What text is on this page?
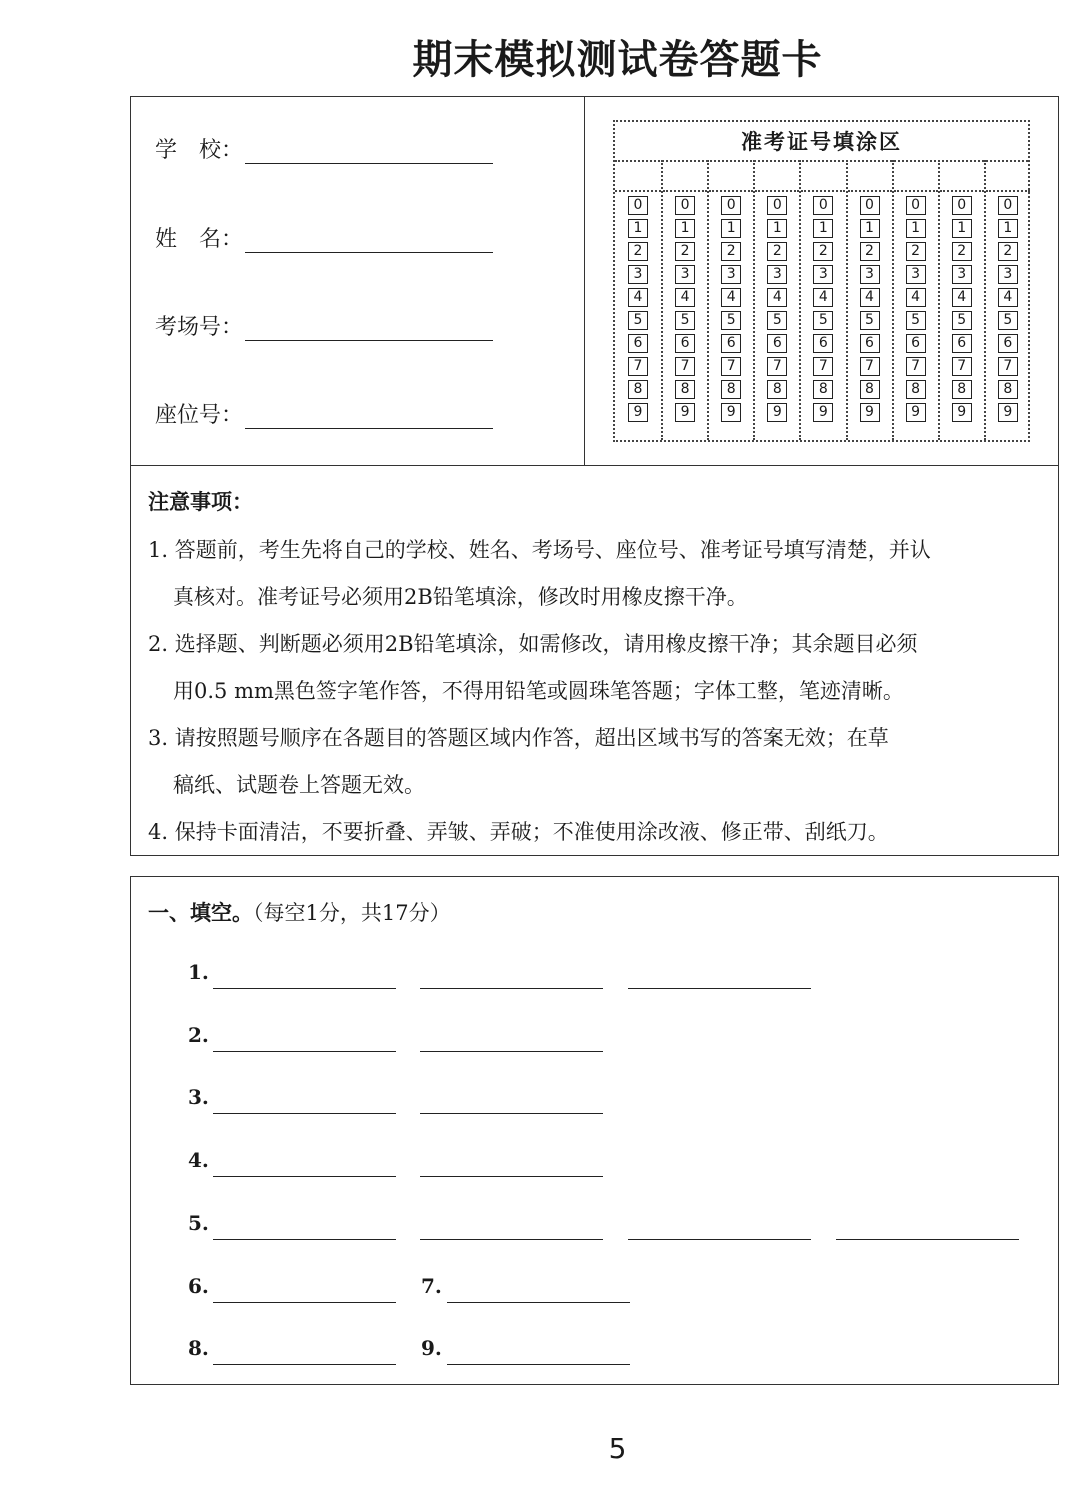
期末模拟测试卷答题卡
学　校：
姓　名：
考场号：
座位号：
准考证号填涂区
0
1
2
3
4
5
6
7
8
9
0
1
2
3
4
5
6
7
8
9
0
1
2
3
4
5
6
7
8
9
0
1
2
3
4
5
6
7
8
9
0
1
2
3
4
5
6
7
8
9
0
1
2
3
4
5
6
7
8
9
0
1
2
3
4
5
6
7
8
9
0
1
2
3
4
5
6
7
8
9
0
1
2
3
4
5
6
7
8
9
注意事项：
1. 答题前，考生先将自己的学校、姓名、考场号、座位号、准考证号填写清楚，并认
真核对。准考证号必须用2B铅笔填涂，修改时用橡皮擦干净。
2. 选择题、判断题必须用2B铅笔填涂，如需修改，请用橡皮擦干净；其余题目必须
用0.5 mm黑色签字笔作答，不得用铅笔或圆珠笔答题；字体工整，笔迹清晰。
3. 请按照题号顺序在各题目的答题区域内作答，超出区域书写的答案无效；在草
稿纸、试题卷上答题无效。
4. 保持卡面清洁，不要折叠、弄皱、弄破；不准使用涂改液、修正带、刮纸刀。
一、填空。（每空1分，共17分）
1.
2.
3.
4.
5.
6.	7.
8.	9.
5
